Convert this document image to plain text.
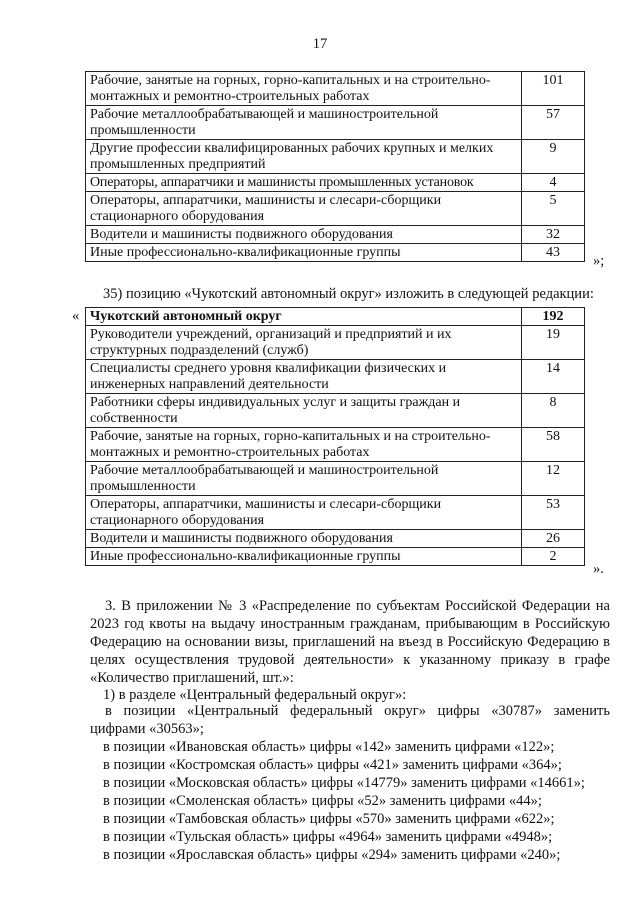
17
Рабочие, занятые на горных, горно-капитальных и на строительно-монтажных и ремонтно-строительных работах	101
Рабочие металлообрабатывающей и машиностроительной промышленности	57
Другие профессии квалифицированных рабочих крупных и мелких промышленных предприятий	9
Операторы, аппаратчики и машинисты промышленных установок	4
Операторы, аппаратчики, машинисты и слесари-сборщики стационарного оборудования	5
Водители и машинисты подвижного оборудования	32
Иные профессионально-квалификационные группы	43
»;
35) позицию «Чукотский автономный округ» изложить в следующей редакции:
« Чукотский автономный округ	192
Руководители учреждений, организаций и предприятий и их структурных подразделений (служб)	19
Специалисты среднего уровня квалификации физических и инженерных направлений деятельности	14
Работники сферы индивидуальных услуг и защиты граждан и собственности	8
Рабочие, занятые на горных, горно-капитальных и на строительно-монтажных и ремонтно-строительных работах	58
Рабочие металлообрабатывающей и машиностроительной промышленности	12
Операторы, аппаратчики, машинисты и слесари-сборщики стационарного оборудования	53
Водители и машинисты подвижного оборудования	26
Иные профессионально-квалификационные группы	2
».
3. В приложении № 3 «Распределение по субъектам Российской Федерации на 2023 год квоты на выдачу иностранным гражданам, прибывающим в Российскую Федерацию на основании визы, приглашений на въезд в Российскую Федерацию в целях осуществления трудовой деятельности» к указанному приказу в графе «Количество приглашений, шт.»:
1) в разделе «Центральный федеральный округ»:
в позиции «Центральный федеральный округ» цифры «30787» заменить цифрами «30563»;
в позиции «Ивановская область» цифры «142» заменить цифрами «122»;
в позиции «Костромская область» цифры «421» заменить цифрами «364»;
в позиции «Московская область» цифры «14779» заменить цифрами «14661»;
в позиции «Смоленская область» цифры «52» заменить цифрами «44»;
в позиции «Тамбовская область» цифры «570» заменить цифрами «622»;
в позиции «Тульская область» цифры «4964» заменить цифрами «4948»;
в позиции «Ярославская область» цифры «294» заменить цифрами «240»;
